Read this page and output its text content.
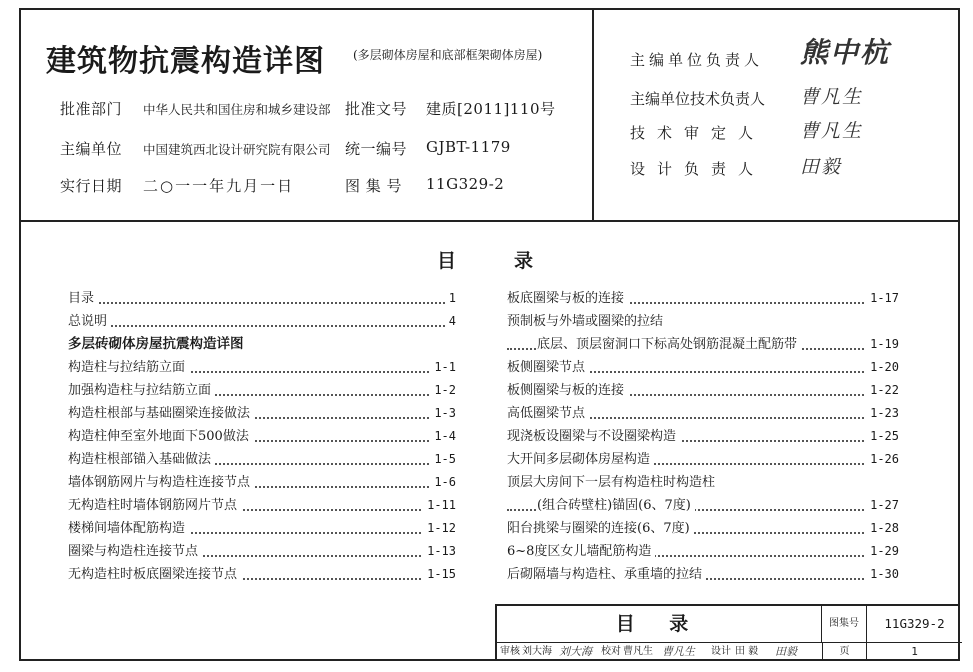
建筑物抗震构造详图 (多层砌体房屋和底部框架砌体房屋)
批准部门 中华人民共和国住房和城乡建设部 批准文号 建质[2011]110号
主编单位 中国建筑西北设计研究院有限公司 统一编号 GJBT-1179
实行日期 二○一一年九月一日	图 集 号 11G329-2
主编单位负责人 熊中杭
主编单位技术负责人 曹凡生
技术审定人 曹凡生
设计负责人 田毅
目	录
目录	1
总说明	4
多层砖砌体房屋抗震构造详图
构造柱与拉结筋立面	1-1
加强构造柱与拉结筋立面	1-2
构造柱根部与基础圈梁连接做法	1-3
构造柱伸至室外地面下500做法	1-4
构造柱根部锚入基础做法	1-5
墙体钢筋网片与构造柱连接节点	1-6
无构造柱时墙体钢筋网片节点	1-11
楼梯间墙体配筋构造	1-12
圈梁与构造柱连接节点	1-13
无构造柱时板底圈梁连接节点	1-15
板底圈梁与板的连接	1-17
预制板与外墙或圈梁的拉结
底层、顶层窗洞口下标高处钢筋混凝土配筋带	1-19
板侧圈梁节点	1-20
板侧圈梁与板的连接	1-22
高低圈梁节点	1-23
现浇板设圈梁与不设圈梁构造	1-25
大开间多层砌体房屋构造	1-26
顶层大房间下一层有构造柱时构造柱
(组合砖壁柱)锚固(6、7度)	1-27
阳台挑梁与圈梁的连接(6、7度)	1-28
6~8度区女儿墙配筋构造	1-29
后砌隔墙与构造柱、承重墙的拉结	1-30
目 录	图集号	11G329-2
审核 刘大海 刘大海 校对 曹凡生 曹凡生 设计 田 毅 田毅	页	1
